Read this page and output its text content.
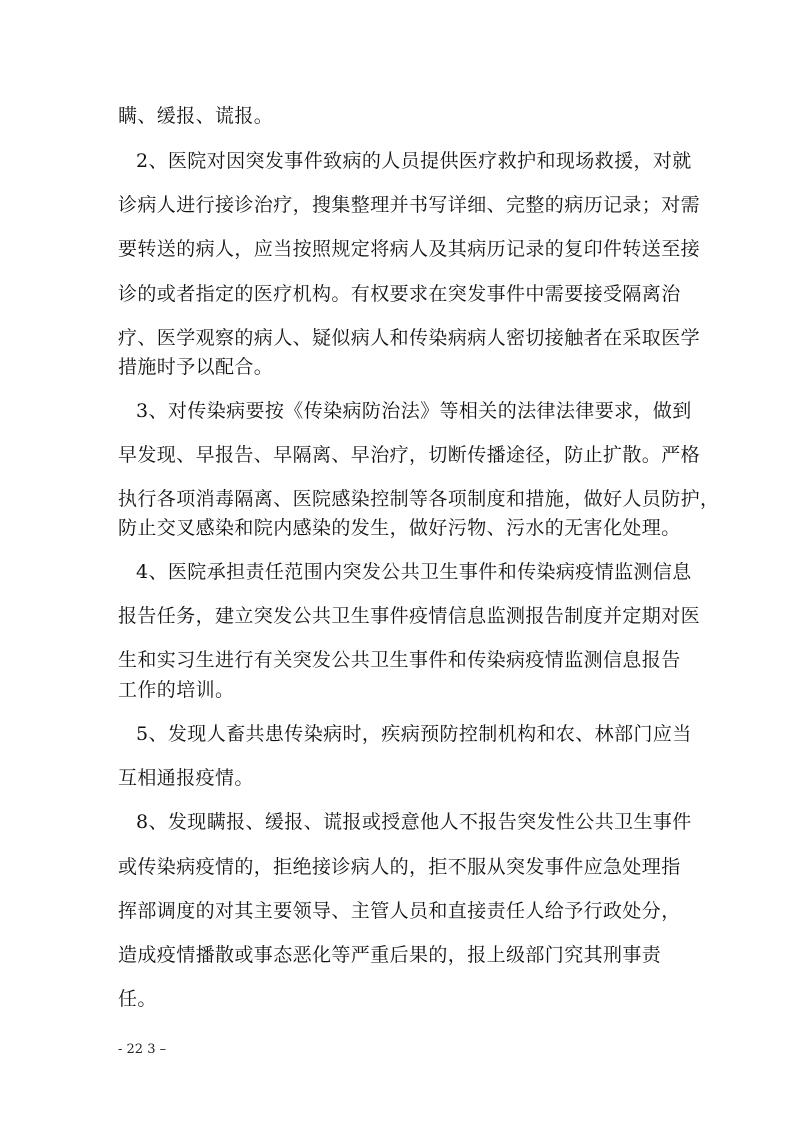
瞒、缓报、谎报。
2、医院对因突发事件致病的人员提供医疗救护和现场救援，对就
诊病人进行接诊治疗，搜集整理并书写详细、完整的病历记录；对需
要转送的病人，应当按照规定将病人及其病历记录的复印件转送至接
诊的或者指定的医疗机构。有权要求在突发事件中需要接受隔离治
疗、医学观察的病人、疑似病人和传染病病人密切接触者在采取医学
措施时予以配合。
3、对传染病要按《传染病防治法》等相关的法律法律要求，做到
早发现、早报告、早隔离、早治疗，切断传播途径，防止扩散。严格
执行各项消毒隔离、医院感染控制等各项制度和措施，做好人员防护，
防止交叉感染和院内感染的发生，做好污物、污水的无害化处理。
4、医院承担责任范围内突发公共卫生事件和传染病疫情监测信息
报告任务，建立突发公共卫生事件疫情信息监测报告制度并定期对医
生和实习生进行有关突发公共卫生事件和传染病疫情监测信息报告
工作的培训。
5、发现人畜共患传染病时，疾病预防控制机构和农、林部门应当
互相通报疫情。
8、发现瞒报、缓报、谎报或授意他人不报告突发性公共卫生事件
或传染病疫情的，拒绝接诊病人的，拒不服从突发事件应急处理指
挥部调度的对其主要领导、主管人员和直接责任人给予行政处分，
造成疫情播散或事态恶化等严重后果的，报上级部门究其刑事责
任。
- 22 3 –
